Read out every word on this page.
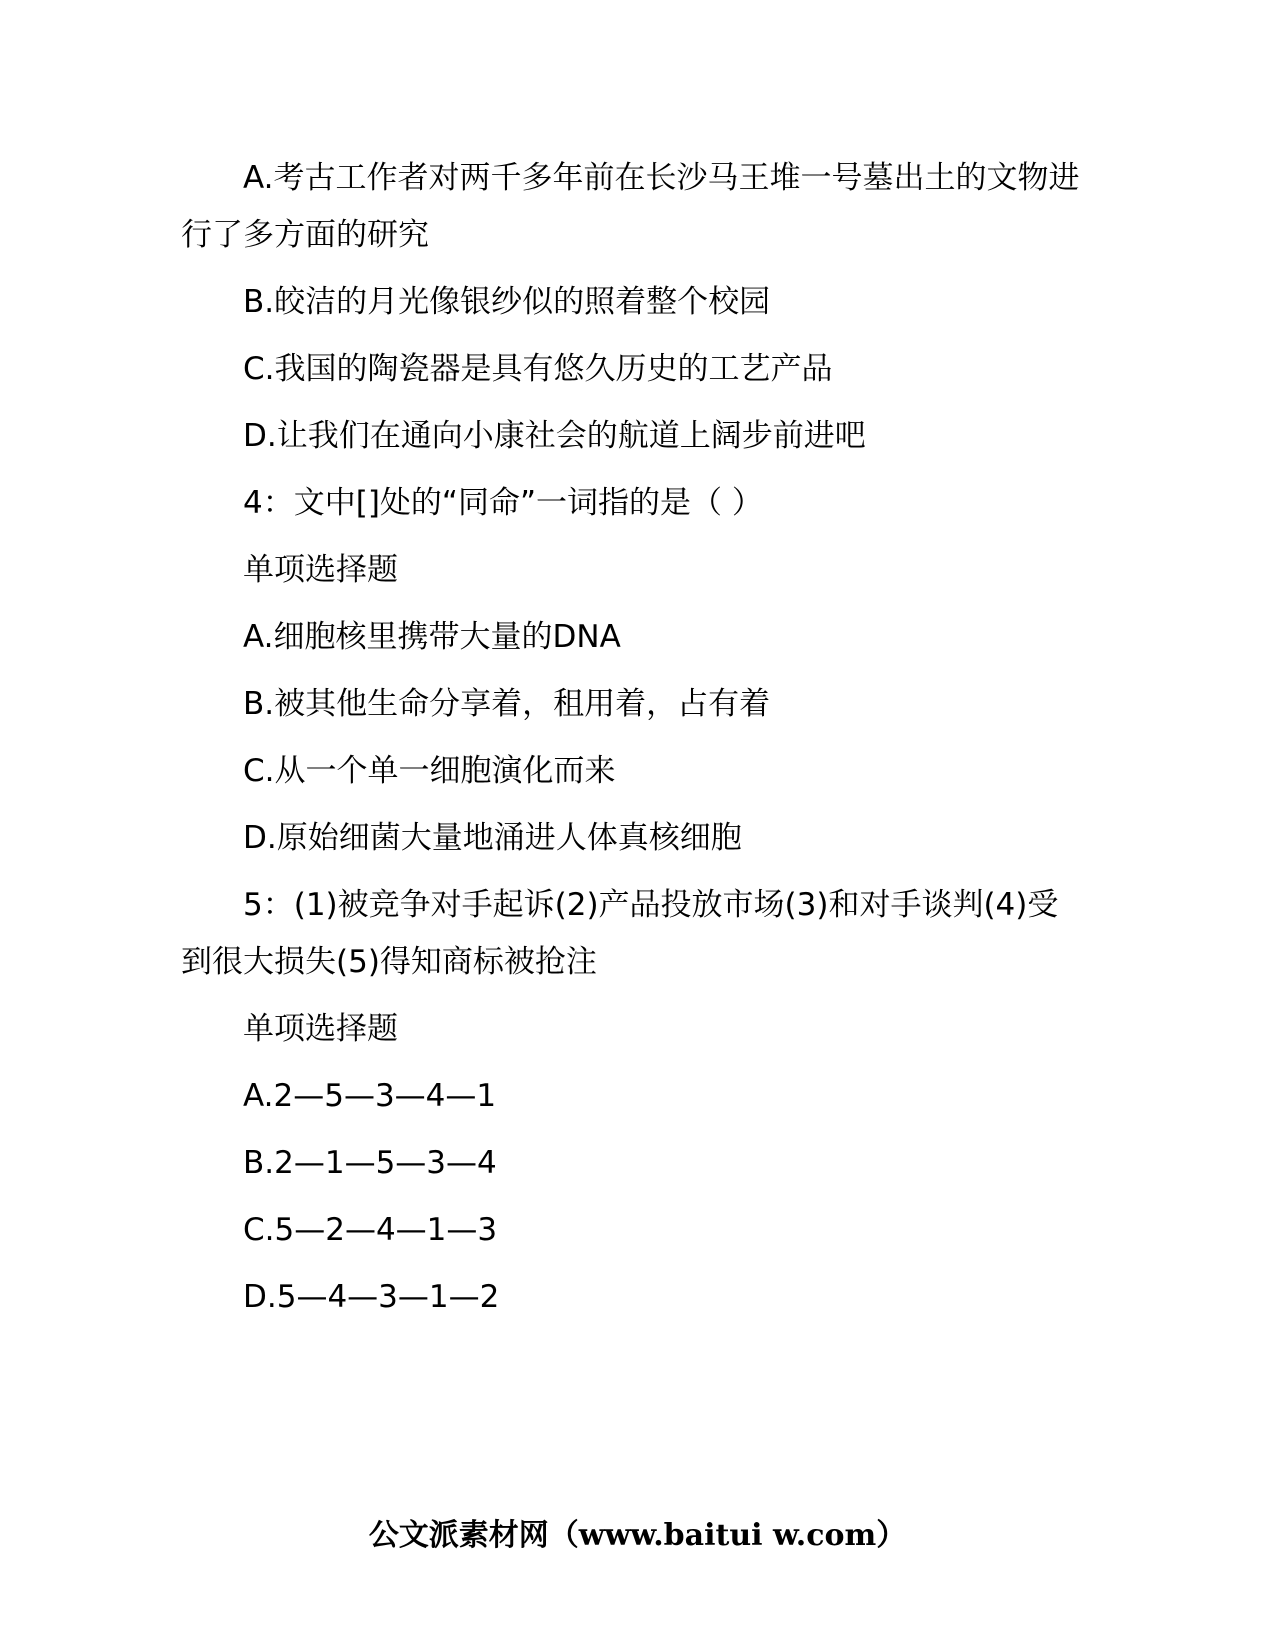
A.考古工作者对两千多年前在长沙马王堆一号墓出土的文物进行了多方面的研究

B.皎洁的月光像银纱似的照着整个校园

C.我国的陶瓷器是具有悠久历史的工艺产品

D.让我们在通向小康社会的航道上阔步前进吧

4：文中[]处的“同命”一词指的是（ ）

单项选择题

A.细胞核里携带大量的DNA

B.被其他生命分享着，租用着，占有着

C.从一个单一细胞演化而来

D.原始细菌大量地涌进人体真核细胞

5：(1)被竞争对手起诉(2)产品投放市场(3)和对手谈判(4)受到很大损失(5)得知商标被抢注

单项选择题

A.2—5—3—4—1

B.2—1—5—3—4

C.5—2—4—1—3

D.5—4—3—1—2

公文派素材网（www.baitui w.com）
